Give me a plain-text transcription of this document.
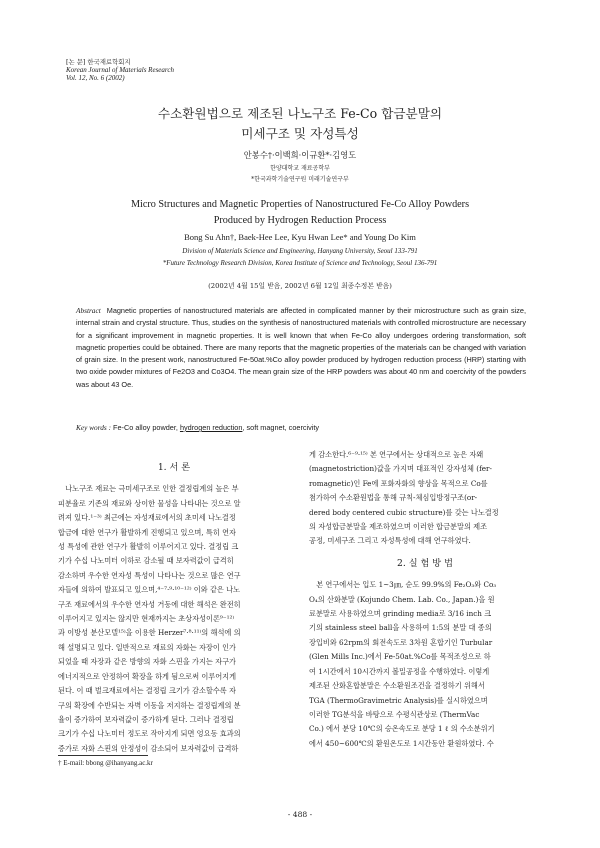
[논 문] 한국재료학회지
Korean Journal of Materials Research
Vol. 12, No. 6 (2002)
수소환원법으로 제조된 나노구조 Fe-Co 합금분말의
미세구조 및 자성특성
안봉수†·이백희·이규환*·김영도
한양대학교 재료공학부
*한국과학기술연구원 미래기술연구부
Micro Structures and Magnetic Properties of Nanostructured Fe-Co Alloy Powders
Produced by Hydrogen Reduction Process
Bong Su Ahn†, Baek-Hee Lee, Kyu Hwan Lee* and Young Do Kim
Division of Materials Science and Engineering, Hanyang University, Seoul 133-791
*Future Technology Research Division, Korea Institute of Science and Technology, Seoul 136-791
(2002년 4월 15일 받음, 2002년 6월 12일 최종수정본 받음)
Abstract Magnetic properties of nanostructured materials are affected in complicated manner by their microstructure such as grain size, internal strain and crystal structure. Thus, studies on the synthesis of nanostructured materials with controlled microstructure are necessary for a significant improvement in magnetic properties. It is well known that when Fe-Co alloy undergoes ordering transformation, soft magnetic properties could be obtained. There are many reports that the magnetic properties of the materials can be changed with variation of grain size. In the present work, nanostructured Fe-50at.%Co alloy powder produced by hydrogen reduction process (HRP) starting with two oxide powder mixtures of Fe2O3 and Co3O4. The mean grain size of the HRP powders was about 40 nm and coercivity of the powders was about 43 Oe.
Key words : Fe-Co alloy powder, hydrogen reduction, soft magnet, coercivity
1. 서 론
나노구조 재료는 극미세구조로 인한 결정립계의 높은 부
피분율로 기존의 재료와 상이한 물성을 나타내는 것으로 알
려져 있다.¹⁻³⁾ 최근에는 자성재료에서의 초미세 나노결정
합금에 대한 연구가 활발하게 진행되고 있으며, 특히 연자
성 특성에 관한 연구가 활발히 이루어지고 있다. 결정립 크
기가 수십 나노미터 이하로 감소될 때 보자력값이 급격히
감소하며 우수한 연자성 특성이 나타나는 것으로 많은 연구
자들에 의하여 발표되고 있으며,⁴⁻⁷·⁹·¹⁰⁻¹²⁾ 이와 같은 나노
구조 재료에서의 우수한 연자성 거동에 대한 해석은 완전히
이루어지고 있지는 않지만 현재까지는 초상자성이론⁹⁻¹²⁾
과 이방성 분산모델¹⁵⁾을 이용한 Herzer⁷·⁸·¹¹⁾의 해석에 의
해 설명되고 있다. 일반적으로 재료의 자화는 자장이 인가
되었을 때 자장과 같은 방향의 자화 스핀을 가지는 자구가
에너지적으로 안정하여 확장을 하게 됨으로써 이루어지게
된다. 이 때 벌크재료에서는 결정립 크기가 감소할수록 자
구의 확장에 수반되는 자벽 이동을 저지하는 결정립계의 분
율이 증가하여 보자력값이 증가하게 된다. 그러나 결정립
크기가 수십 나노미터 정도로 작아지게 되면 엉요동 효과의
증가로 자화 스핀의 안정성이 감소되어 보자력값이 급격하
게 감소한다.⁶⁻⁹·¹⁵⁾ 본 연구에서는 상대적으로 높은 자왜
(magnetostriction)값을 가지며 대표적인 강자성체 (fer-
romagnetic)인 Fe에 포화자화의 향상을 목적으로 Co를
첨가하여 수소환원법을 통해 규칙-체심입방정구조(or-
dered body centered cubic structure)를 갖는 나노결정
의 자성합금분말을 제조하였으며 이러한 합금분말의 제조
공정, 미세구조 그리고 자성특성에 대해 연구하였다.
2. 실 험 방 법
본 연구에서는 입도 1~3㎛, 순도 99.9%의 Fe₂O₃와 Co₃
O₄의 산화분말 (Kojundo Chem. Lab. Co., Japan.)을 원
료분말로 사용하였으며 grinding media로 3/16 inch 크
기의 stainless steel ball을 사용하여 1:5의 분말 대 종의
장입비와 62rpm의 회전속도로 3차원 혼합기인 Turbular
(Glen Mills Inc.)에서 Fe-50at.%Co를 목적조성으로 하
여 1시간에서 10시간까지 볼밀공정을 수행하였다. 이렇게
제조된 산화혼합분말은 수소환원조건을 결정하기 위해서
TGA (ThermoGravimetric Analysis)를 실시하였으며
이러한 TG분석을 바탕으로 수평식관상로 (ThermVac
Co.) 에서 분당 10℃의 승온속도로 분당 1 ℓ 의 수소분위기
에서 450~600℃의 환원온도로 1시간동안 환원하였다. 수
† E-mail: bbong @ihanyang.ac.kr
- 488 -
